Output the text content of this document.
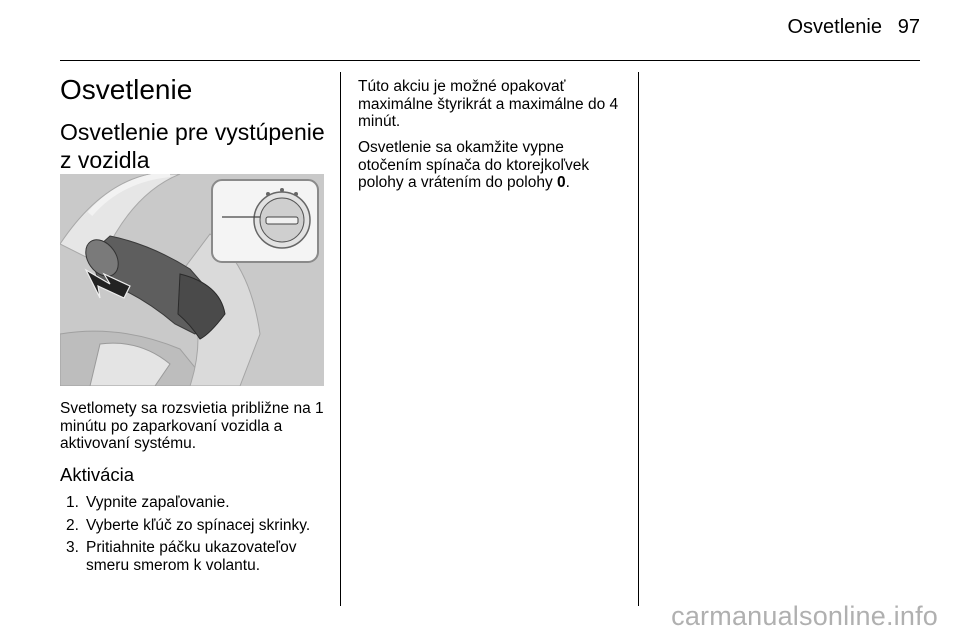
Osvetlenie 97
Osvetlenie
Osvetlenie pre vystúpenie z vozidla

Svetlomety sa rozsvietia približne na 1 minútu po zaparkovaní vozidla a aktivovaní systému.

Aktivácia
1. Vypnite zapaľovanie.
2. Vyberte kľúč zo spínacej skrinky.
3. Pritiahnite páčku ukazovateľov smeru smerom k volantu.

Túto akciu je možné opakovať maximálne štyrikrát a maximálne do 4 minút.

Osvetlenie sa okamžite vypne otočením spínača do ktorejkoľvek polohy a vrátením do polohy 0.

carmanualsonline.info
